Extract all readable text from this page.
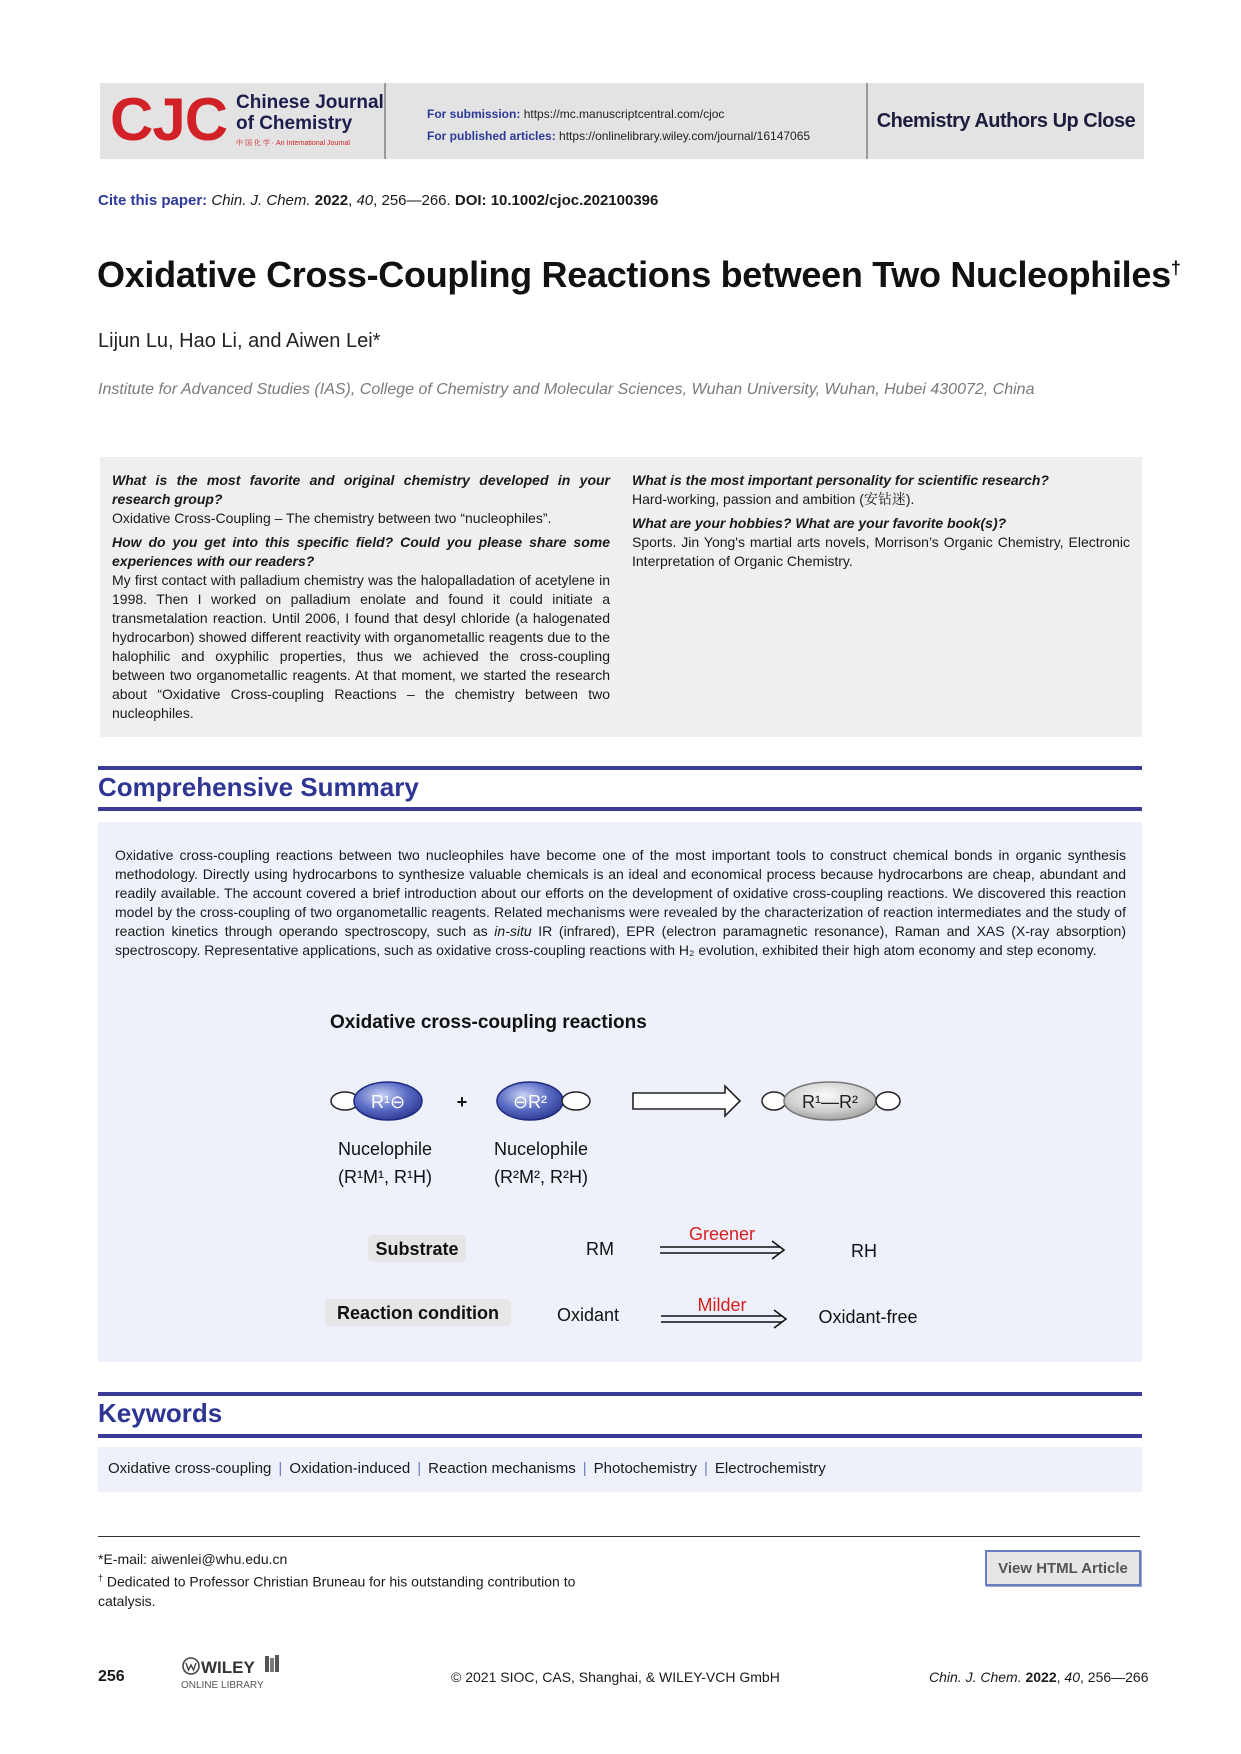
CJC Chinese Journal
of Chemistry
中 国 化 学 · An International Journal
For submission: https://mc.manuscriptcentral.com/cjoc
For published articles: https://onlinelibrary.wiley.com/journal/16147065
Chemistry Authors Up Close
Cite this paper: Chin. J. Chem. 2022, 40, 256—266. DOI: 10.1002/cjoc.202100396
Oxidative Cross-Coupling Reactions between Two Nucleophiles†
Lijun Lu, Hao Li, and Aiwen Lei*
Institute for Advanced Studies (IAS), College of Chemistry and Molecular Sciences, Wuhan University, Wuhan, Hubei 430072, China

What is the most favorite and original chemistry developed in your research group?
Oxidative Cross-Coupling – The chemistry between two “nucleophiles”.

How do you get into this specific field? Could you please share some experiences with our readers?
My first contact with palladium chemistry was the halopalladation of acetylene in 1998. Then I worked on palladium enolate and found it could initiate a transmetalation reaction. Until 2006, I found that desyl chloride (a halogenated hydrocarbon) showed different reactivity with organometallic reagents due to the halophilic and oxyphilic properties, thus we achieved the cross-coupling between two organometallic reagents. At that moment, we started the research about “Oxidative Cross-coupling Reactions – the chemistry between two nucleophiles.

What is the most important personality for scientific research?
Hard-working, passion and ambition (安钻迷).

What are your hobbies? What are your favorite book(s)?
Sports. Jin Yong's martial arts novels, Morrison’s Organic Chemistry, Electronic Interpretation of Organic Chemistry.

Comprehensive Summary
Oxidative cross-coupling reactions between two nucleophiles have become one of the most important tools to construct chemical bonds in organic synthesis methodology. Directly using hydrocarbons to synthesize valuable chemicals is an ideal and economical process because hydrocarbons are cheap, abundant and readily available. The account covered a brief introduction about our efforts on the development of oxidative cross-coupling reactions. We discovered this reaction model by the cross-coupling of two organometallic reagents. Related mechanisms were revealed by the characterization of reaction intermediates and the study of reaction kinetics through operando spectroscopy, such as in-situ IR (infrared), EPR (electron paramagnetic resonance), Raman and XAS (X-ray absorption) spectroscopy. Representative applications, such as oxidative cross-coupling reactions with H₂ evolution, exhibited their high atom economy and step economy.
Oxidative cross-coupling reactions
R¹⊖	+	⊖R²	R¹—R²
Nucelophile
(R¹M¹, R¹H)
Nucelophile
(R²M², R²H)
Substrate	RM
Greener
RH
Reaction condition	Oxidant	Milder
Oxidant-free
Keywords
Oxidative cross-coupling | Oxidation-induced | Reaction mechanisms | Photochemistry | Electrochemistry
*E-mail: aiwenlei@whu.edu.cn
† Dedicated to Professor Christian Bruneau for his outstanding contribution to catalysis.
View HTML Article
256	WILEY
ONLINE LIBRARY
© 2021 SIOC, CAS, Shanghai, & WILEY-VCH GmbH	Chin. J. Chem. 2022, 40, 256—266
